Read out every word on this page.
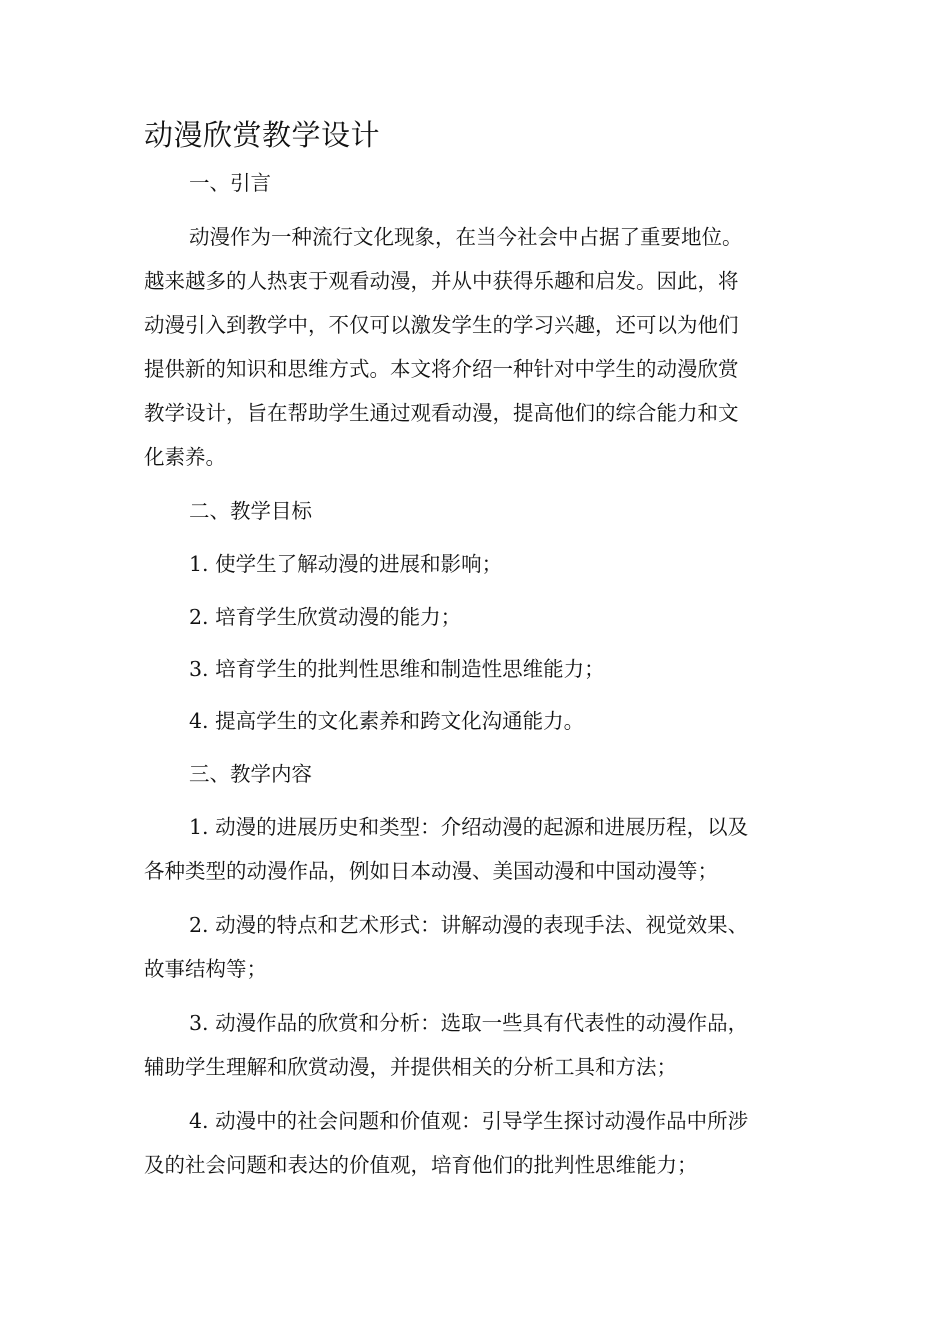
动漫欣赏教学设计

一、引言

动漫作为一种流行文化现象，在当今社会中占据了重要地位。

越来越多的人热衷于观看动漫，并从中获得乐趣和启发。因此，将

动漫引入到教学中，不仅可以激发学生的学习兴趣，还可以为他们

提供新的知识和思维方式。本文将介绍一种针对中学生的动漫欣赏

教学设计，旨在帮助学生通过观看动漫，提高他们的综合能力和文

化素养。

二、教学目标

1. 使学生了解动漫的进展和影响；

2. 培育学生欣赏动漫的能力；

3. 培育学生的批判性思维和制造性思维能力；

4. 提高学生的文化素养和跨文化沟通能力。

三、教学内容

1. 动漫的进展历史和类型：介绍动漫的起源和进展历程，以及

各种类型的动漫作品，例如日本动漫、美国动漫和中国动漫等；

2. 动漫的特点和艺术形式：讲解动漫的表现手法、视觉效果、

故事结构等；

3. 动漫作品的欣赏和分析：选取一些具有代表性的动漫作品，

辅助学生理解和欣赏动漫，并提供相关的分析工具和方法；

4. 动漫中的社会问题和价值观：引导学生探讨动漫作品中所涉

及的社会问题和表达的价值观，培育他们的批判性思维能力；
